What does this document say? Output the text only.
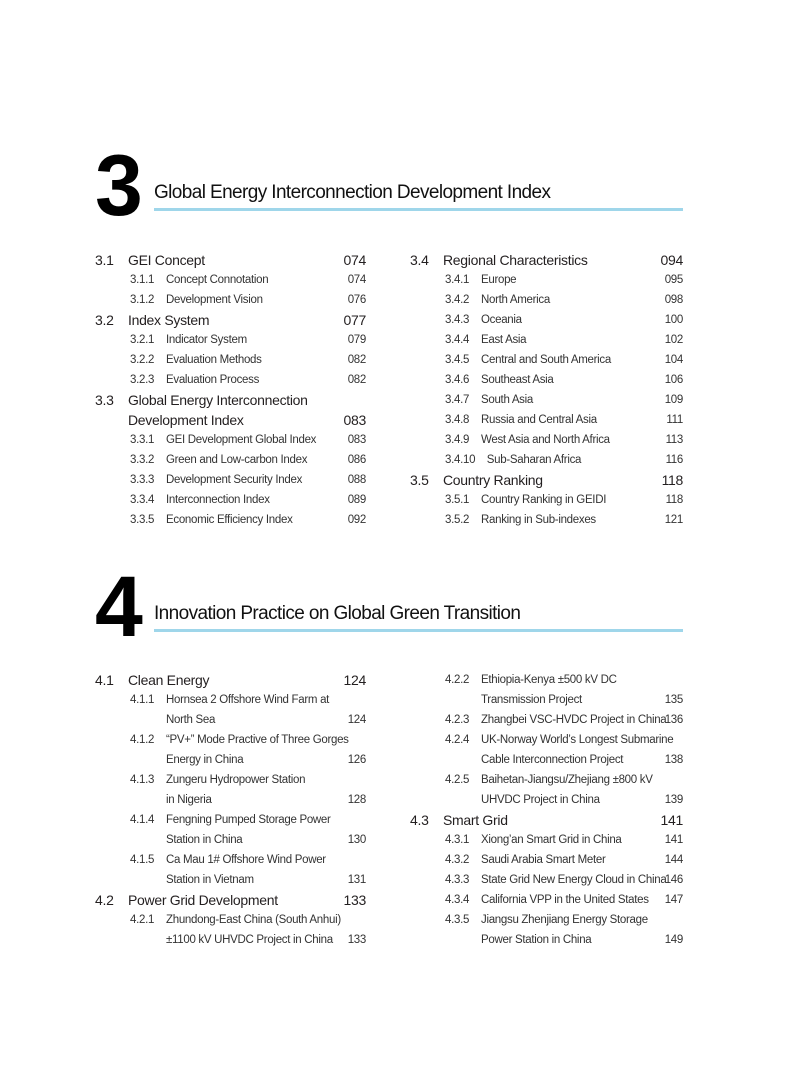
3 Global Energy Interconnection Development Index
3.1 GEI Concept	074
3.1.1 Concept Connotation	074
3.1.2 Development Vision	076
3.2 Index System	077
3.2.1 Indicator System	079
3.2.2 Evaluation Methods	082
3.2.3 Evaluation Process	082
3.3 Global Energy Interconnection
Development Index	083
3.3.1 GEI Development Global Index	083
3.3.2 Green and Low-carbon Index	086
3.3.3 Development Security Index	088
3.3.4 Interconnection Index	089
3.3.5 Economic Efficiency Index	092
3.4 Regional Characteristics	094
3.4.1 Europe	095
3.4.2 North America	098
3.4.3 Oceania	100
3.4.4 East Asia	102
3.4.5 Central and South America	104
3.4.6 Southeast Asia	106
3.4.7 South Asia	109
3.4.8 Russia and Central Asia	111
3.4.9 West Asia and North Africa	113
3.4.10 Sub-Saharan Africa	116
3.5 Country Ranking	118
3.5.1 Country Ranking in GEIDI	118
3.5.2 Ranking in Sub-indexes	121
4 Innovation Practice on Global Green Transition
4.1 Clean Energy	124
4.1.1 Hornsea 2 Offshore Wind Farm at
North Sea	124
4.1.2 “PV+” Mode Practive of Three Gorges
Energy in China	126
4.1.3 Zungeru Hydropower Station
in Nigeria	128
4.1.4 Fengning Pumped Storage Power
Station in China	130
4.1.5 Ca Mau 1# Offshore Wind Power
Station in Vietnam	131
4.2 Power Grid Development	133
4.2.1 Zhundong-East China (South Anhui)
±1100 kV UHVDC Project in China 133
4.2.2 Ethiopia-Kenya ±500 kV DC
Transmission Project	135
4.2.3 Zhangbei VSC-HVDC Project in China
136
4.2.4 UK-Norway World’s Longest Submarine
Cable Interconnection Project	138
4.2.5 Baihetan-Jiangsu/Zhejiang ±800 kV
UHVDC Project in China	139
4.3 Smart Grid	141
4.3.1 Xiong’an Smart Grid in China	141
4.3.2 Saudi Arabia Smart Meter	144
4.3.3 State Grid New Energy Cloud in China
146
4.3.4 California VPP in the United States 147
4.3.5 Jiangsu Zhenjiang Energy Storage
Power Station in China	149
